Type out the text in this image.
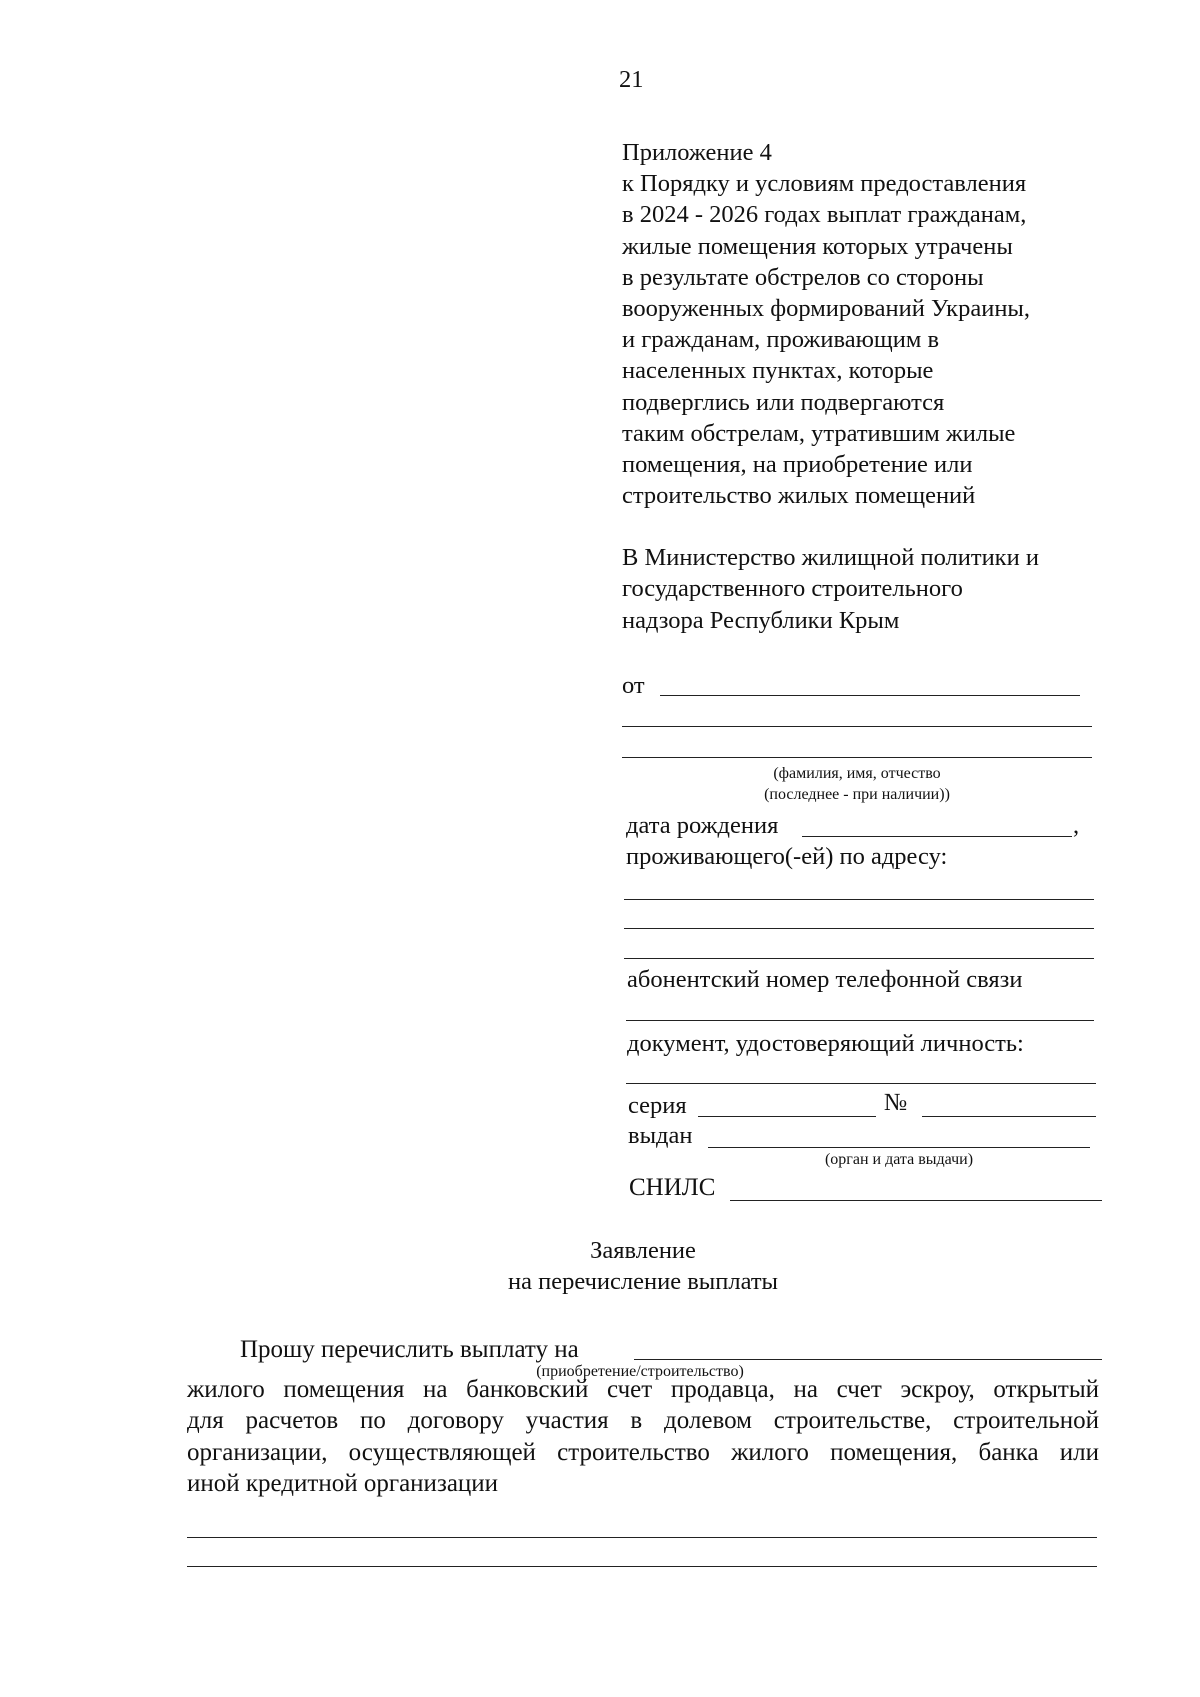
21
Приложение 4
к Порядку и условиям предоставления
в 2024 - 2026 годах выплат гражданам,
жилые помещения которых утрачены
в результате обстрелов со стороны
вооруженных формирований Украины,
и гражданам, проживающим в
населенных пунктах, которые
подверглись или подвергаются
таким обстрелам, утратившим жилые
помещения, на приобретение или
строительство жилых помещений
В Министерство жилищной политики и
государственного строительного
надзора Республики Крым
от
(фамилия, имя, отчество
(последнее - при наличии))
дата рождения	,
проживающего(-ей) по адресу:
абонентский номер телефонной связи
документ, удостоверяющий личность:
серия	№
выдан
(орган и дата выдачи)
СНИЛС
Заявление
на перечисление выплаты
Прошу перечислить выплату на
(приобретение/строительство)
жилого помещения на банковский счет продавца, на счет эскроу, открытый
для расчетов по договору участия в долевом строительстве, строительной
организации, осуществляющей строительство жилого помещения, банка или
иной кредитной организации
